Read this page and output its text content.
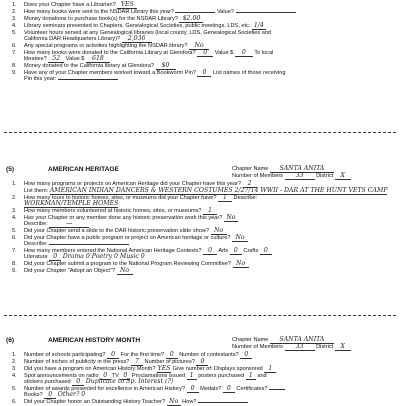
1. Does your Chapter have a Librarian? YES
2. How many books were sent to the NSDAR Library this year?	Value?
3. Money donations to purchase book(s) for the NSDAR Library? $2.00
4. Library seminars presented to Chapters, Genealogical Societies, public meetings, LDS, etc. 1/4
5. Volunteer hours served at any Genealogical libraries (local county, LDS, Genealogical Societies and
California DAR Headquarters Library)? 2,036
6. Any special programs or activities highlighting the NSDAR library? No
7. How many books were donated to the California Library at Glendora? 0 Value $ 0 To local
libraries? 52 Value $ 618
8. Money donated to the California library at Glendora? $0
9. Have any of your Chapter members worked toward a Bookworm Pin? 0 List names of those receiving
Pin this year:
(5)	AMERICAN HERITAGE	Chapter Name SANTA ANITA
Number of Members 33 District X
1. How many programs or projects on American Heritage did your Chapter have this year? 2
List them: AMERICAN INDIAN DANCERS & WESTERN COSTUMES 2/27/14 WWII - DAR AT THE HUNT VETS CAMP
2. How many tours to historic homes, sites, or museums did your Chapter have? 1 Describe:
WORKMAN/TEMPLE HOMES
3. How many members volunteered at historic homes, sites, or museums? 1
4. Has your Chapter or any member done any historic preservation work this year? No
Describe:	—
5. Did your Chapter send a slide to the DAR historic preservation slide show? No
6. Did your Chapter have a public program or project on American heritage or culture? No
Describe:
7. How many members entered the National American Heritage Contests? 0 Arts 0 Crafts 0
Literature 0 Drama 0 Poetry 0 Music 0
8. Did your Chapter submit a program to the National Program Reviewing Committee? No
9. Did your Chapter "Adopt an Object"? No
(6)	AMERICAN HISTORY MONTH	Chapter Name SANTA ANITA
Number of Members 33 District X
1. Number of schools participating? 0 For the first time? 0 Number of contestants? 0
2. Number of inches of publicity in the press? 7 Number of pictures? 0
3. Did you have a program on American History Month? YES Give number of: Displays sponsored 1
4. Spot announcements on radio 0 TV 0 Proclamations issued 1 posters purchased 1 and
stickers purchased 0 Duplicate to Sp. Interest (?)
5. Number of awards presented for excellence in American History? 0 Medals? 0 Certificates?
Books? 0 Other? 0
6. Did your Chapter honor an Outstanding History Teacher? No How?
